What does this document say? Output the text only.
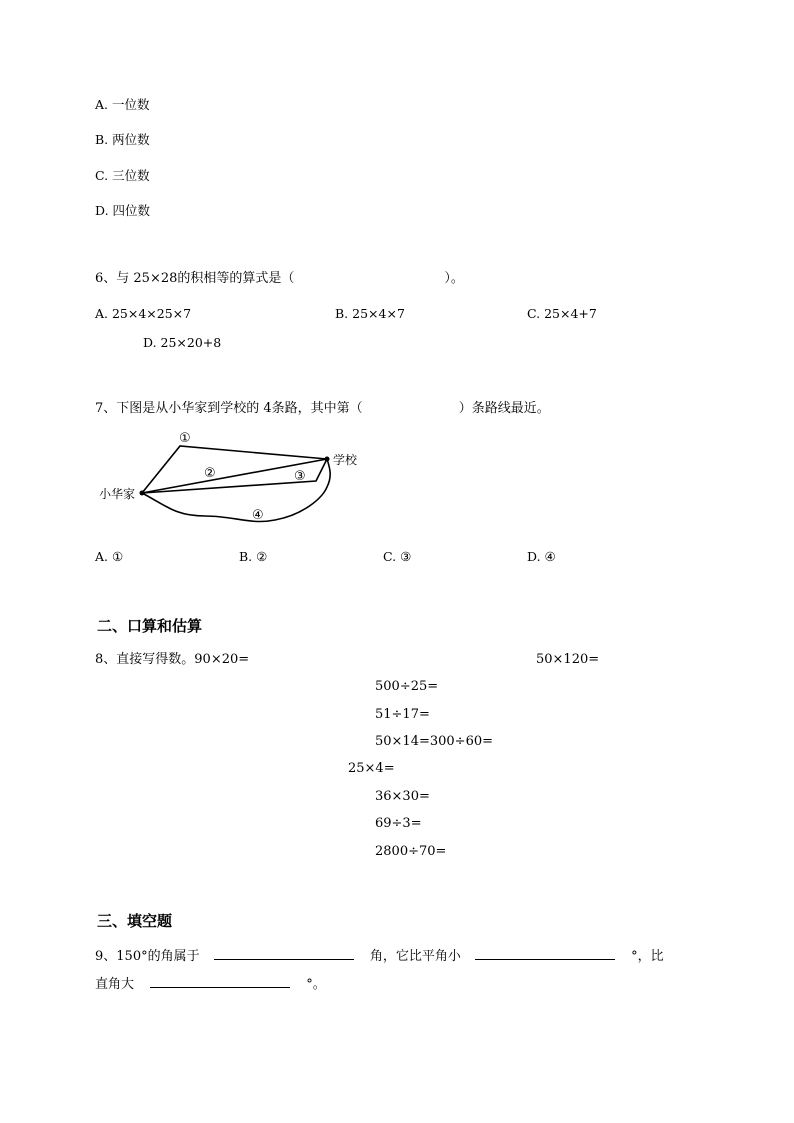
A. 一位数
B. 两位数
C. 三位数
D. 四位数
6、与 25×28的积相等的算式是（	）。
A. 25×4×25×7	B. 25×4×7	C. 25×4+7
D. 25×20+8
7、下图是从小华家到学校的 4条路，其中第（	）条路线最近。
小华家
学校
①
②	③
④
A. ①	B. ②	C. ③	D. ④
二、口算和估算
8、直接写得数。90×20=	50×120=
500÷25=
51÷17=
50×14=300÷60=
25×4=
36×30=
69÷3=
2800÷70=
三、填空题
9、150°的角属于	角，它比平角小	°，比
直角大	°。
